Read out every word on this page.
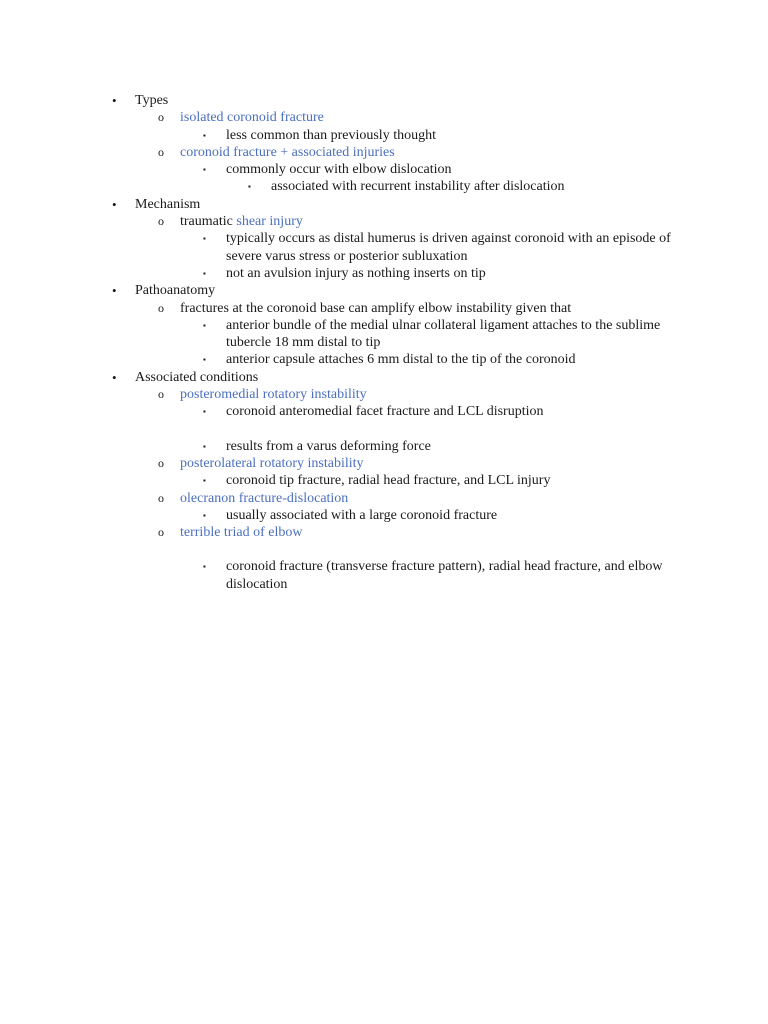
• Types
o isolated coronoid fracture
▪ less common than previously thought
o coronoid fracture + associated injuries
▪ commonly occur with elbow dislocation
▪ associated with recurrent instability after dislocation
• Mechanism
o traumatic shear injury
▪ typically occurs as distal humerus is driven against coronoid with an episode of severe varus stress or posterior subluxation
▪ not an avulsion injury as nothing inserts on tip
• Pathoanatomy
o fractures at the coronoid base can amplify elbow instability given that
▪ anterior bundle of the medial ulnar collateral ligament attaches to the sublime tubercle 18 mm distal to tip
▪ anterior capsule attaches 6 mm distal to the tip of the coronoid
• Associated conditions
o posteromedial rotatory instability
▪ coronoid anteromedial facet fracture and LCL disruption
▪ results from a varus deforming force
o posterolateral rotatory instability
▪ coronoid tip fracture, radial head fracture, and LCL injury
o olecranon fracture-dislocation
▪ usually associated with a large coronoid fracture
o terrible triad of elbow
▪ coronoid fracture (transverse fracture pattern), radial head fracture, and elbow dislocation
